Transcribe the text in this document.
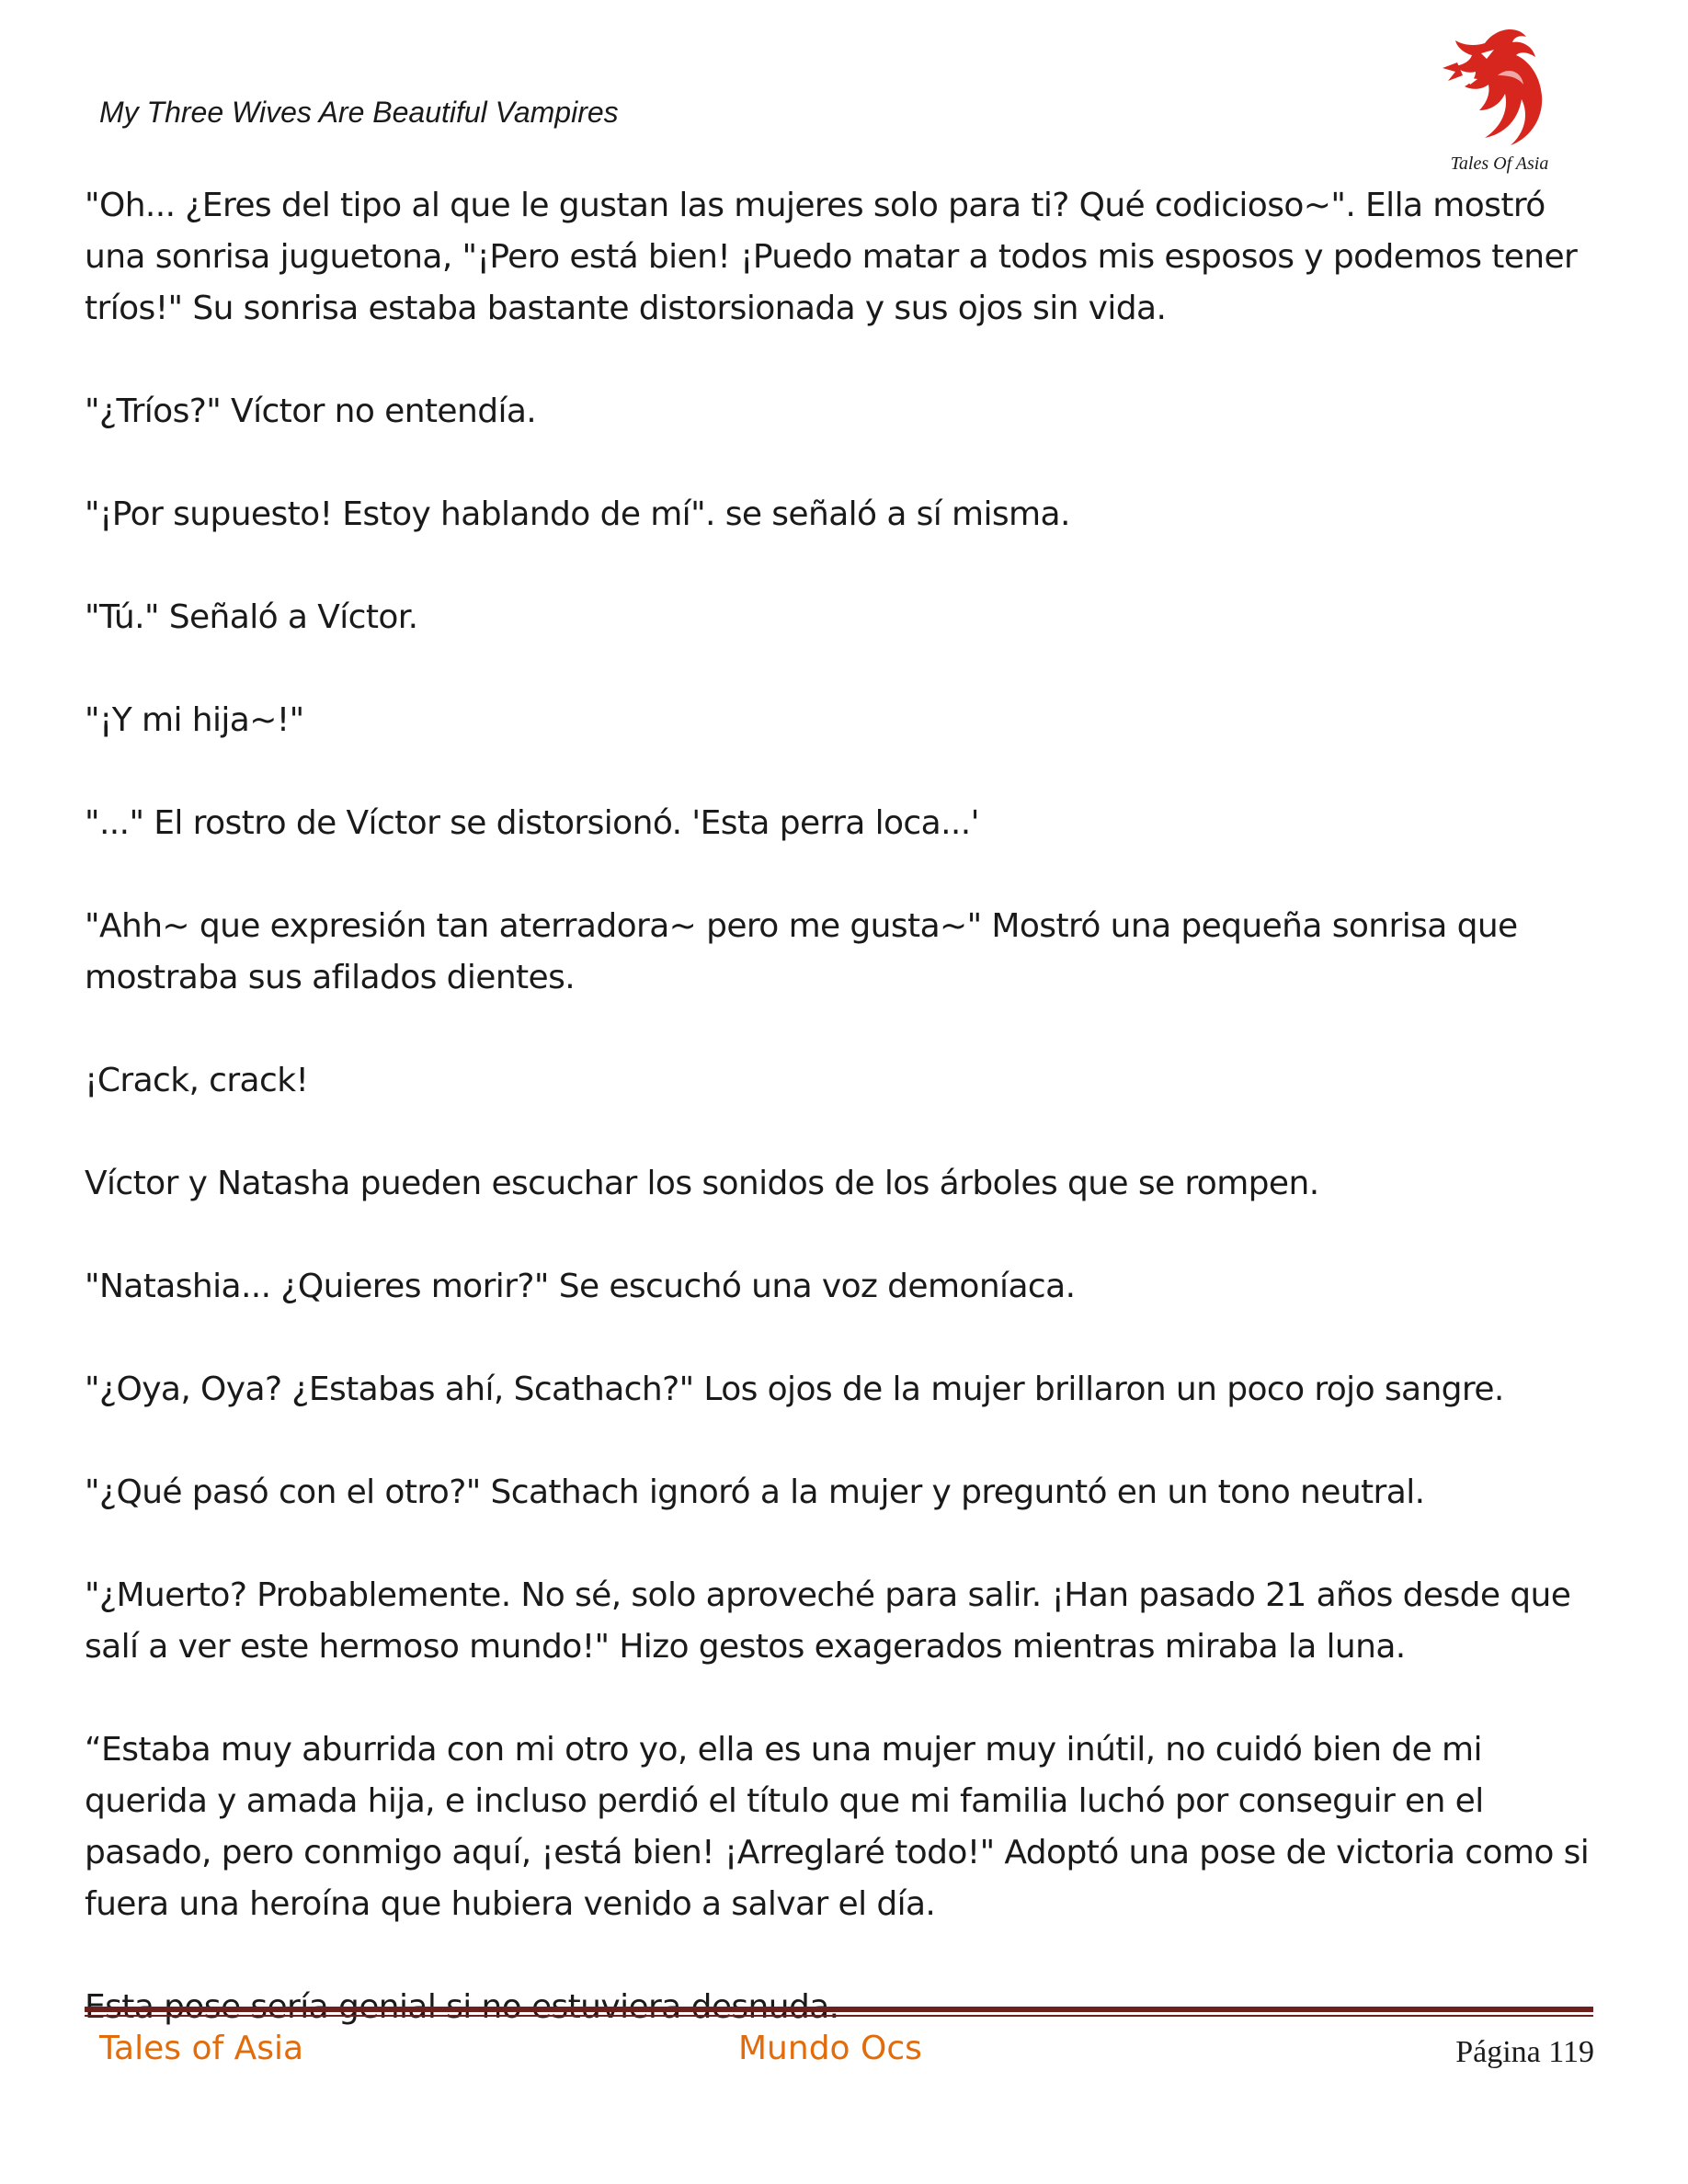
My Three Wives Are Beautiful Vampires
Tales Of Asia

"Oh... ¿Eres del tipo al que le gustan las mujeres solo para ti? Qué codicioso~". Ella mostró una sonrisa juguetona, "¡Pero está bien! ¡Puedo matar a todos mis esposos y podemos tener tríos!" Su sonrisa estaba bastante distorsionada y sus ojos sin vida.

"¿Tríos?" Víctor no entendía.

"¡Por supuesto! Estoy hablando de mí". se señaló a sí misma.

"Tú." Señaló a Víctor.

"¡Y mi hija~!"

"..." El rostro de Víctor se distorsionó. 'Esta perra loca...'

"Ahh~ que expresión tan aterradora~ pero me gusta~" Mostró una pequeña sonrisa que mostraba sus afilados dientes.

¡Crack, crack!

Víctor y Natasha pueden escuchar los sonidos de los árboles que se rompen.

"Natashia... ¿Quieres morir?" Se escuchó una voz demoníaca.

"¿Oya, Oya? ¿Estabas ahí, Scathach?" Los ojos de la mujer brillaron un poco rojo sangre.

"¿Qué pasó con el otro?" Scathach ignoró a la mujer y preguntó en un tono neutral.

"¿Muerto? Probablemente. No sé, solo aproveché para salir. ¡Han pasado 21 años desde que salí a ver este hermoso mundo!" Hizo gestos exagerados mientras miraba la luna.

“Estaba muy aburrida con mi otro yo, ella es una mujer muy inútil, no cuidó bien de mi querida y amada hija, e incluso perdió el título que mi familia luchó por conseguir en el pasado, pero conmigo aquí, ¡está bien! ¡Arreglaré todo!" Adoptó una pose de victoria como si fuera una heroína que hubiera venido a salvar el día.

Tales of Asia	Mundo Ocs	Página 119
